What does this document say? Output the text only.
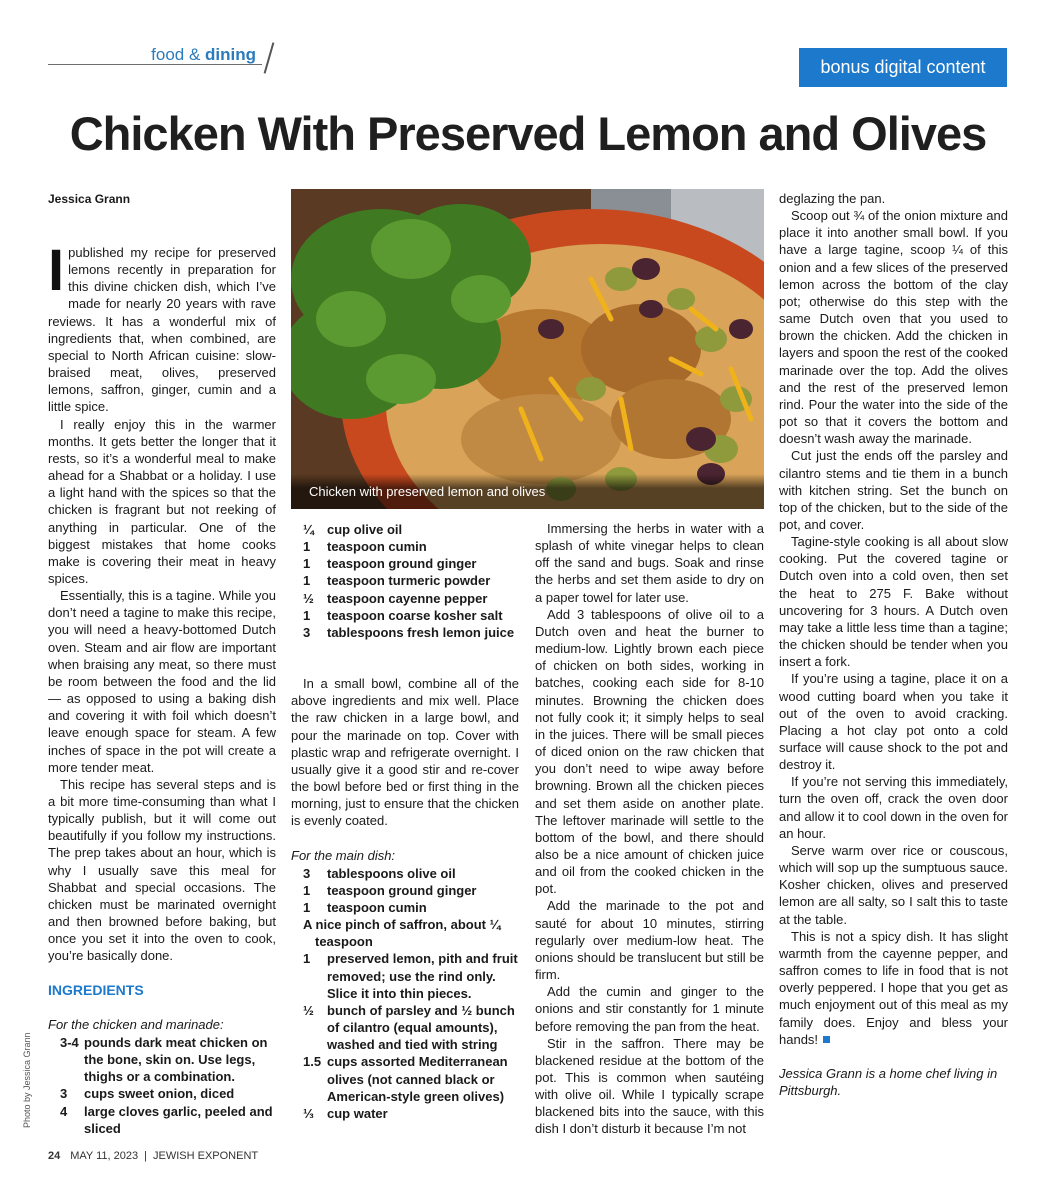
food & dining
bonus digital content
Chicken With Preserved Lemon and Olives
Jessica Grann

Ipublished my recipe for preserved lemons recently in preparation for this divine chicken dish, which I’ve made for nearly 20 years with rave reviews. It has a wonderful mix of ingredients that, when combined, are special to North African cuisine: slow-braised meat, olives, preserved lemons, saffron, ginger, cumin and a little spice.

I really enjoy this in the warmer months. It gets better the longer that it rests, so it’s a wonderful meal to make ahead for a Shabbat or a holiday. I use a light hand with the spices so that the chicken is fragrant but not reeking of anything in particular. One of the biggest mistakes that home cooks make is covering their meat in heavy spices.

Essentially, this is a tagine. While you don’t need a tagine to make this recipe, you will need a heavy-bottomed Dutch oven. Steam and air flow are important when braising any meat, so there must be room between the food and the lid — as opposed to using a baking dish and covering it with foil which doesn’t leave enough space for steam. A few inches of space in the pot will create a more tender meat.

This recipe has several steps and is a bit more time-consuming than what I typically publish, but it will come out beautifully if you follow my instructions. The prep takes about an hour, which is why I usually save this meal for Shabbat and special occasions. The chicken must be marinated overnight and then browned before baking, but once you set it into the oven to cook, you’re basically done.

INGREDIENTS
For the chicken and marinade:
3-4 pounds dark meat chicken on the bone, skin on. Use legs, thighs or a combination.
3	cups sweet onion, diced
4	large cloves garlic, peeled and sliced
Chicken with preserved lemon and olives
¼	cup olive oil
1	teaspoon cumin
1	teaspoon ground ginger
1	teaspoon turmeric powder
½	teaspoon cayenne pepper
1	teaspoon coarse kosher salt
3	tablespoons fresh lemon juice

In a small bowl, combine all of the above ingredients and mix well. Place the raw chicken in a large bowl, and pour the marinade on top. Cover with plastic wrap and refrigerate overnight. I usually give it a good stir and re-cover the bowl before bed or first thing in the morning, just to ensure that the chicken is evenly coated.

For the main dish:
3	tablespoons olive oil
1	teaspoon ground ginger
1	teaspoon cumin
A nice pinch of saffron, about ¼ teaspoon
1	preserved lemon, pith and fruit removed; use the rind only. Slice it into thin pieces.
½	bunch of parsley and ½ bunch of cilantro (equal amounts), washed and tied with string
1.5 cups assorted Mediterranean olives (not canned black or American-style green olives)
⅓	cup water

Immersing the herbs in water with a splash of white vinegar helps to clean off the sand and bugs. Soak and rinse the herbs and set them aside to dry on a paper towel for later use.

Add 3 tablespoons of olive oil to a Dutch oven and heat the burner to medium-low. Lightly brown each piece of chicken on both sides, working in batches, cooking each side for 8-10 minutes. Browning the chicken does not fully cook it; it simply helps to seal in the juices. There will be small pieces of diced onion on the raw chicken that you don’t need to wipe away before browning. Brown all the chicken pieces and set them aside on another plate. The leftover marinade will settle to the bottom of the bowl, and there should also be a nice amount of chicken juice and oil from the cooked chicken in the pot.

Add the marinade to the pot and sauté for about 10 minutes, stirring regularly over medium-low heat. The onions should be translucent but still be firm.

Add the cumin and ginger to the onions and stir constantly for 1 minute before removing the pan from the heat.

Stir in the saffron. There may be blackened residue at the bottom of the pot. This is common when sautéing with olive oil. While I typically scrape blackened bits into the sauce, with this dish I don’t disturb it because I’m not

deglazing the pan.

Scoop out ¾ of the onion mixture and place it into another small bowl. If you have a large tagine, scoop ¼ of this onion and a few slices of the preserved lemon across the bottom of the clay pot; otherwise do this step with the same Dutch oven that you used to brown the chicken. Add the chicken in layers and spoon the rest of the cooked marinade over the top. Add the olives and the rest of the preserved lemon rind. Pour the water into the side of the pot so that it covers the bottom and doesn’t wash away the marinade.

Cut just the ends off the parsley and cilantro stems and tie them in a bunch with kitchen string. Set the bunch on top of the chicken, but to the side of the pot, and cover.

Tagine-style cooking is all about slow cooking. Put the covered tagine or Dutch oven into a cold oven, then set the heat to 275 F. Bake without uncovering for 3 hours. A Dutch oven may take a little less time than a tagine; the chicken should be tender when you insert a fork.

If you’re using a tagine, place it on a wood cutting board when you take it out of the oven to avoid cracking. Placing a hot clay pot onto a cold surface will cause shock to the pot and destroy it.

If you’re not serving this immediately, turn the oven off, crack the oven door and allow it to cool down in the oven for an hour.

Serve warm over rice or couscous, which will sop up the sumptuous sauce. Kosher chicken, olives and preserved lemon are all salty, so I salt this to taste at the table.

This is not a spicy dish. It has slight warmth from the cayenne pepper, and saffron comes to life in food that is not overly peppered. I hope that you get as much enjoyment out of this meal as my family does. Enjoy and bless your hands!

Jessica Grann is a home chef living in Pittsburgh.

Photo by Jessica Grann
24 MAY 11, 2023 | JEWISH EXPONENT
